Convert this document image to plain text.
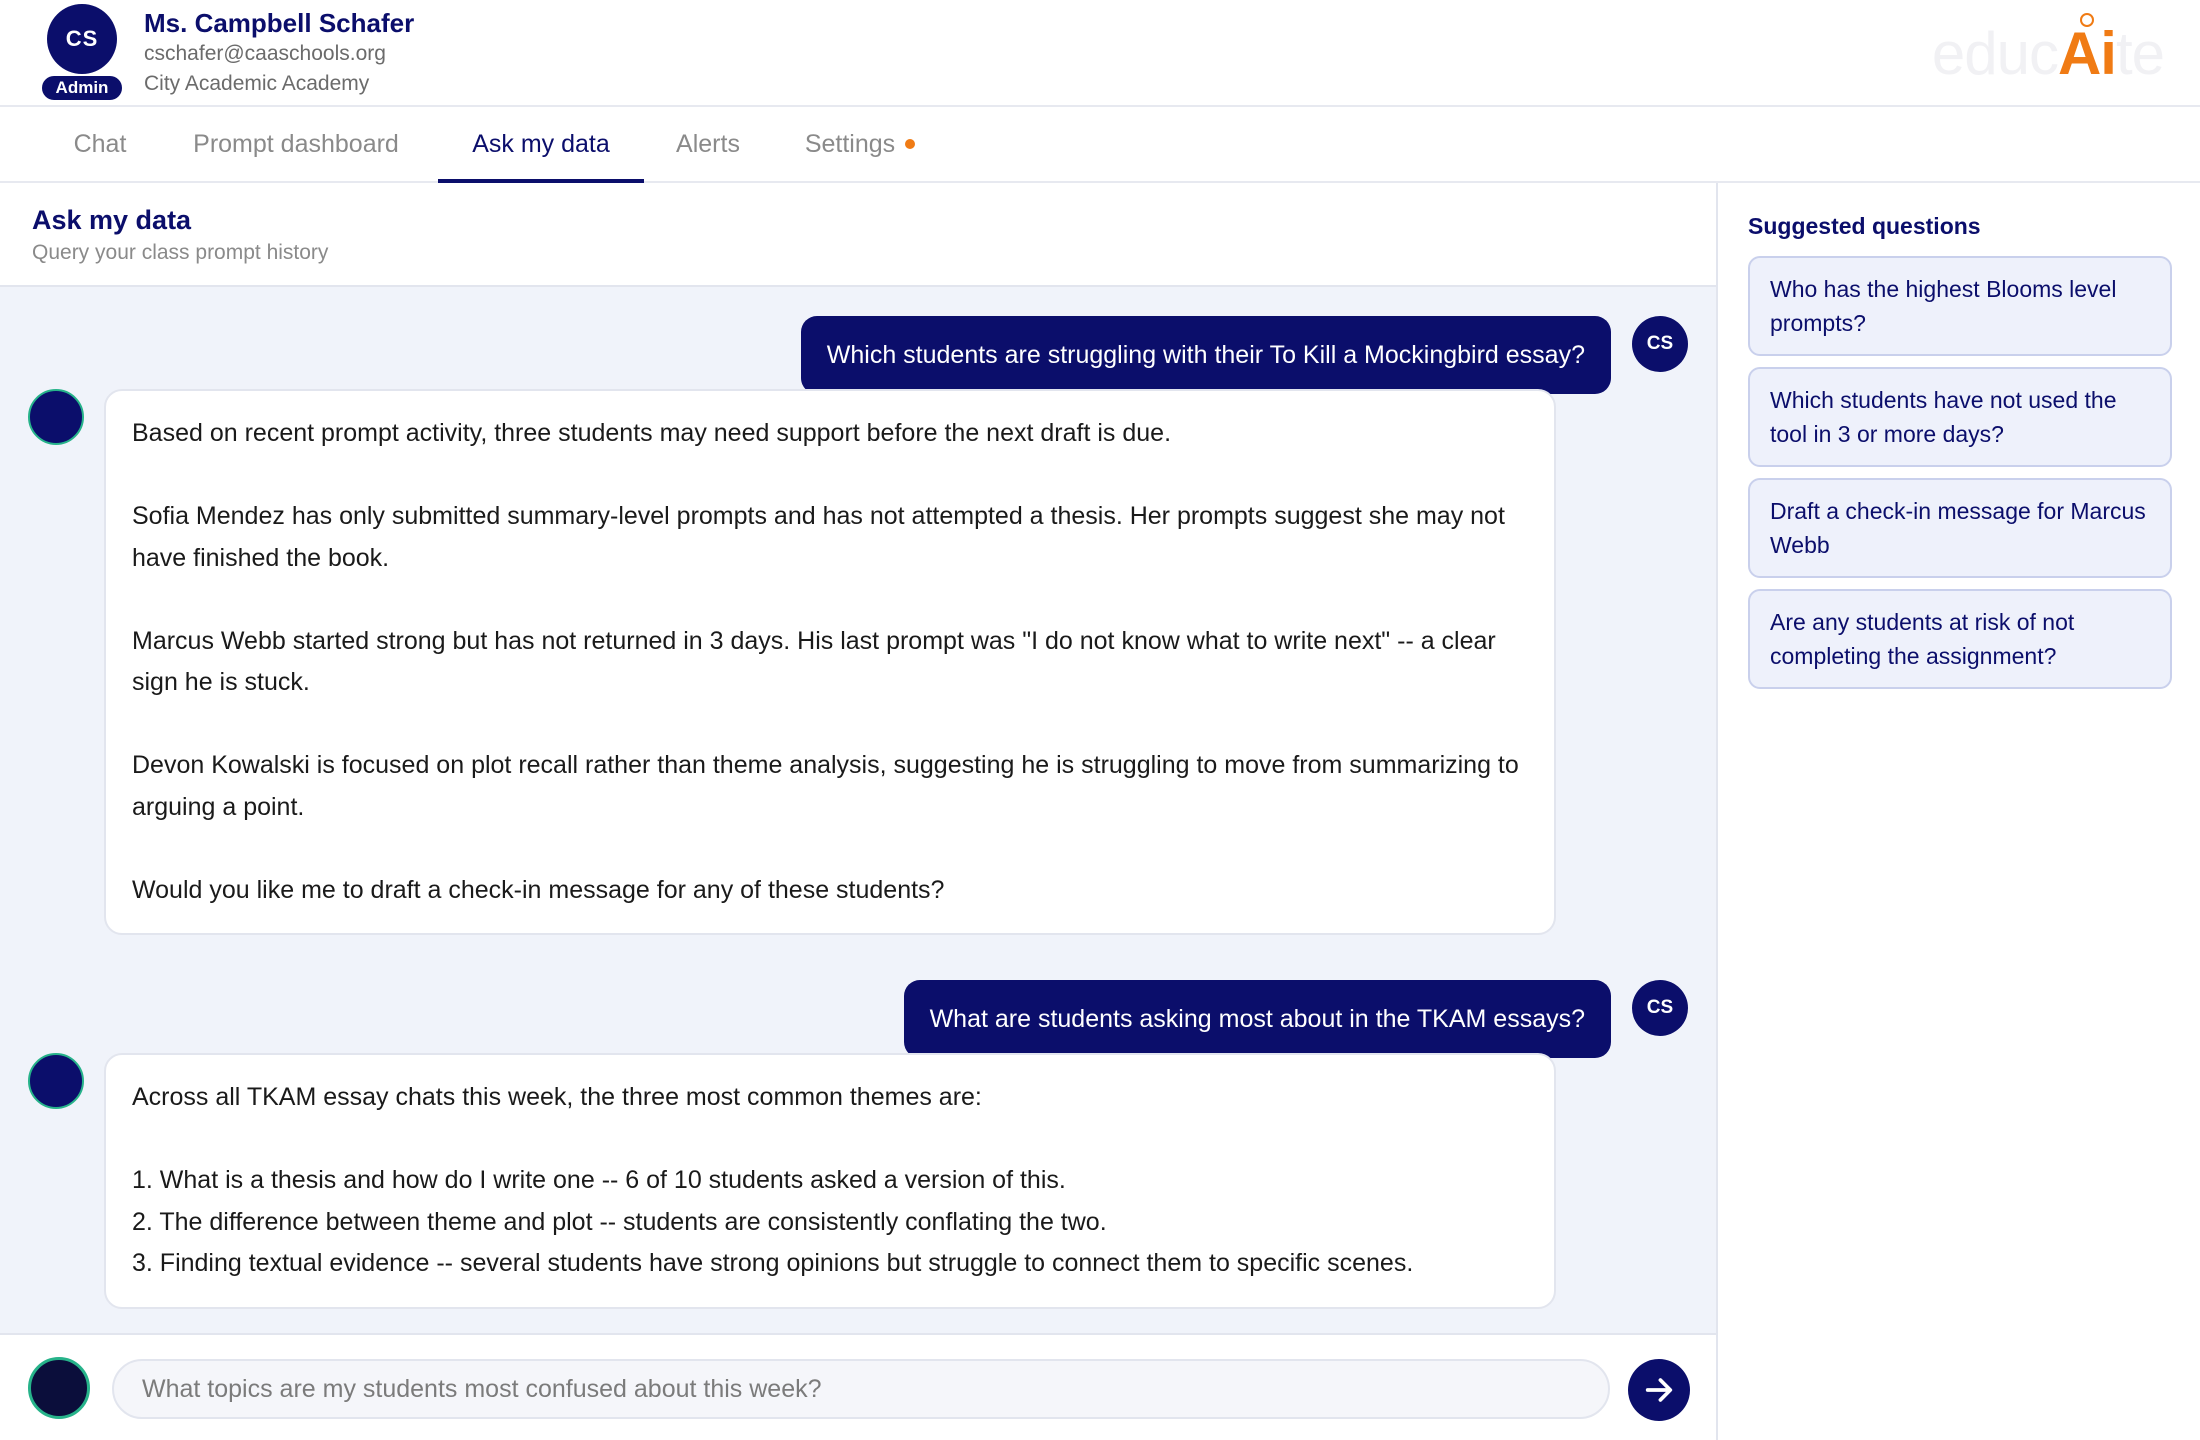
CS
Admin
Ms. Campbell Schafer
cschafer@caaschools.org
City Academic Academy	educ Ai te
Chat	Prompt dashboard	Ask my data	Alerts	Settings
Ask my data
Query your class prompt history
Which students are struggling with their To Kill a Mockingbird essay?	CS

Based on recent prompt activity, three students may need support before the next draft is due.

Sofia Mendez has only submitted summary-level prompts and has not attempted a thesis. Her prompts suggest she may not have finished the book.

Marcus Webb started strong but has not returned in 3 days. His last prompt was "I do not know what to write next" -- a clear sign he is stuck.

Devon Kowalski is focused on plot recall rather than theme analysis, suggesting he is struggling to move from summarizing to arguing a point.

Would you like me to draft a check-in message for any of these students?

What are students asking most about in the TKAM essays?	CS

Across all TKAM essay chats this week, the three most common themes are:

1. What is a thesis and how do I write one -- 6 of 10 students asked a version of this.

2. The difference between theme and plot -- students are consistently conflating the two.

3. Finding textual evidence -- several students have strong opinions but struggle to connect them to specific scenes.

What topics are my students most confused about this week?
Suggested questions
Who has the highest Blooms level prompts?
Which students have not used the tool in 3 or more days?
Draft a check-in message for Marcus Webb
Are any students at risk of not completing the assignment?
